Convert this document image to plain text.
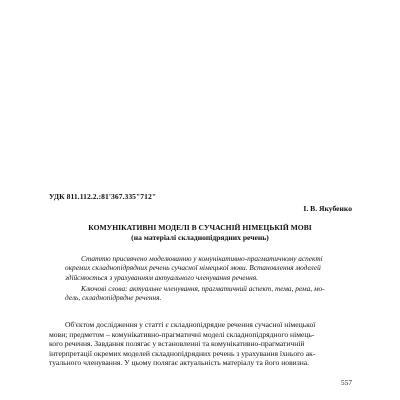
УДК 811.112.2.:81'367.335"712"
І. В. Якубенко
КОМУНІКАТИВНІ МОДЕЛІ В СУЧАСНІЙ НІМЕЦЬКІЙ МОВІ
(на матеріалі складнопідрядних речень)
Статтю присвячено моделюванню у комунікативно-прагматичному аспекті
окремих складнопідрядних речень сучасної німецької мови. Встановлення моделей
здійснюється з урахуванням актуального членування речення.
Ключові слова: актуальне членування, прагматичний аспект, тема, рема, мо-
дель, складнопідрядне речення.
Об'єктом дослідження у статті є складнопідрядне речення сучасної німецької
мови; предметом – комунікативно-прагматичні моделі складнопідрядного німець-
кого речення. Завдання полягає у встановленні та комунікативно-прагматичній
інтерпретації окремих моделей складнопідрядних речень з урахування їхнього ак-
туального членування. У цьому полягає актуальність матеріалу та його новизна.
557
